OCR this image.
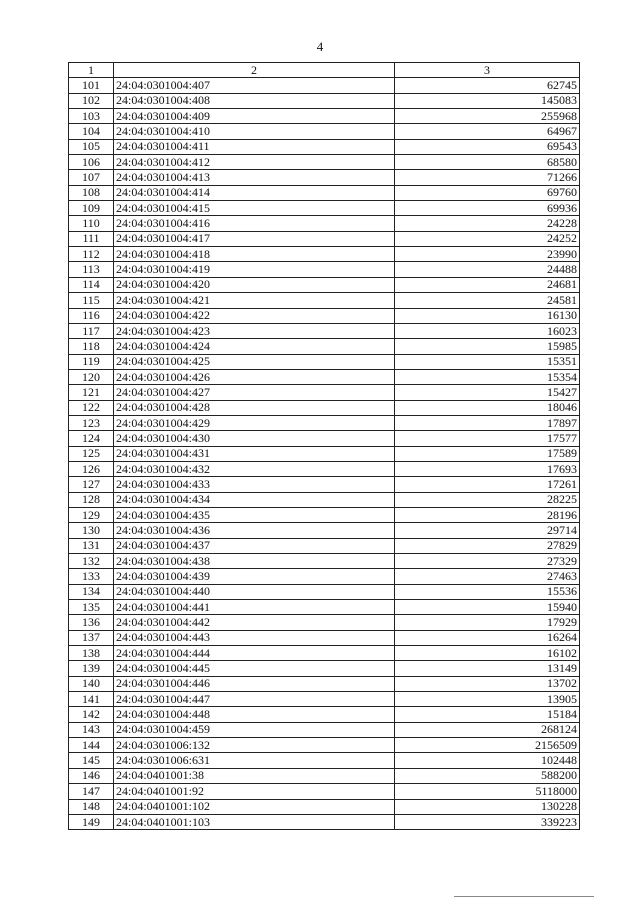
4
1	2	3
101	24:04:0301004:407	62745
102	24:04:0301004:408	145083
103	24:04:0301004:409	255968
104	24:04:0301004:410	64967
105	24:04:0301004:411	69543
106	24:04:0301004:412	68580
107	24:04:0301004:413	71266
108	24:04:0301004:414	69760
109	24:04:0301004:415	69936
110	24:04:0301004:416	24228
111	24:04:0301004:417	24252
112	24:04:0301004:418	23990
113	24:04:0301004:419	24488
114	24:04:0301004:420	24681
115	24:04:0301004:421	24581
116	24:04:0301004:422	16130
117	24:04:0301004:423	16023
118	24:04:0301004:424	15985
119	24:04:0301004:425	15351
120	24:04:0301004:426	15354
121	24:04:0301004:427	15427
122	24:04:0301004:428	18046
123	24:04:0301004:429	17897
124	24:04:0301004:430	17577
125	24:04:0301004:431	17589
126	24:04:0301004:432	17693
127	24:04:0301004:433	17261
128	24:04:0301004:434	28225
129	24:04:0301004:435	28196
130	24:04:0301004:436	29714
131	24:04:0301004:437	27829
132	24:04:0301004:438	27329
133	24:04:0301004:439	27463
134	24:04:0301004:440	15536
135	24:04:0301004:441	15940
136	24:04:0301004:442	17929
137	24:04:0301004:443	16264
138	24:04:0301004:444	16102
139	24:04:0301004:445	13149
140	24:04:0301004:446	13702
141	24:04:0301004:447	13905
142	24:04:0301004:448	15184
143	24:04:0301004:459	268124
144	24:04:0301006:132	2156509
145	24:04:0301006:631	102448
146	24:04:0401001:38	588200
147	24:04:0401001:92	5118000
148	24:04:0401001:102	130228
149	24:04:0401001:103	339223
